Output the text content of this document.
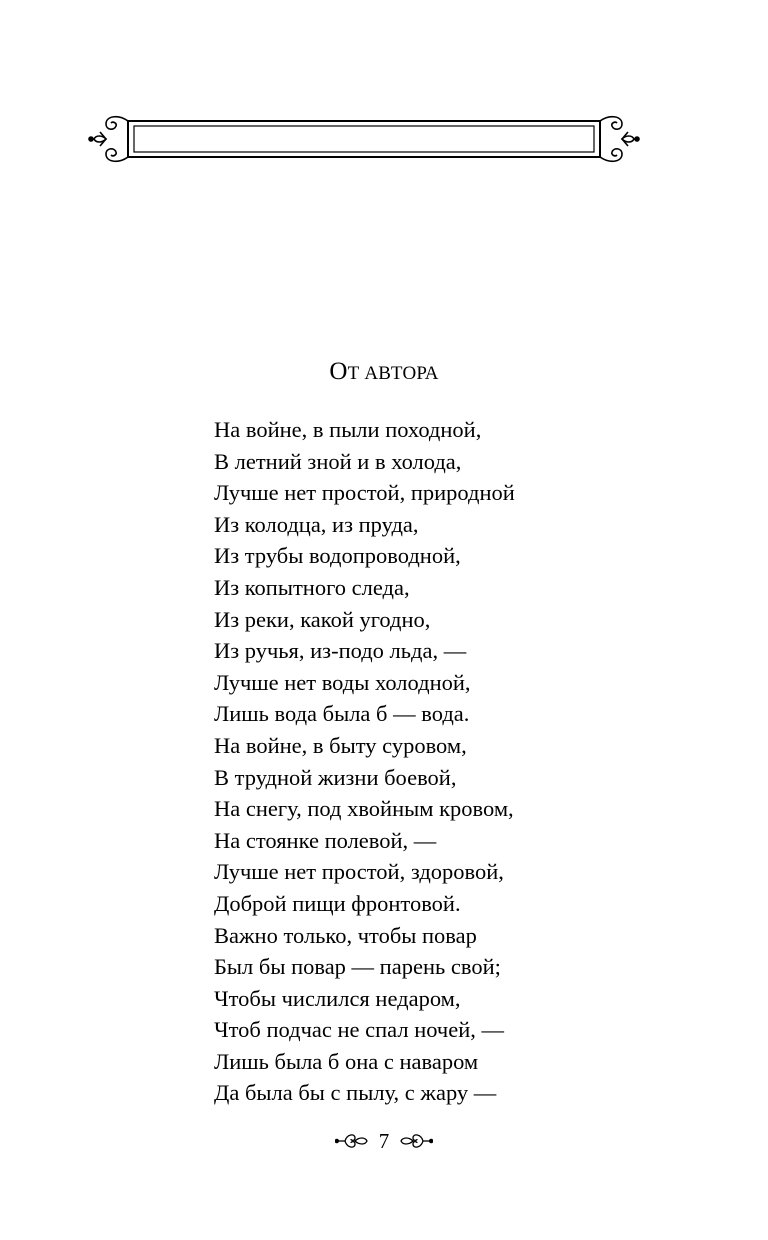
ОТ АВТОРА
На войне, в пыли походной,
В летний зной и в холода,
Лучше нет простой, природной
Из колодца, из пруда,
Из трубы водопроводной,
Из копытного следа,
Из реки, какой угодно,
Из ручья, из-подо льда, —
Лучше нет воды холодной,
Лишь вода была б — вода.
На войне, в быту суровом,
В трудной жизни боевой,
На снегу, под хвойным кровом,
На стоянке полевой, —
Лучше нет простой, здоровой,
Доброй пищи фронтовой.
Важно только, чтобы повар
Был бы повар — парень свой;
Чтобы числился недаром,
Чтоб подчас не спал ночей, —
Лишь была б она с наваром
Да была бы с пылу, с жару —
7
